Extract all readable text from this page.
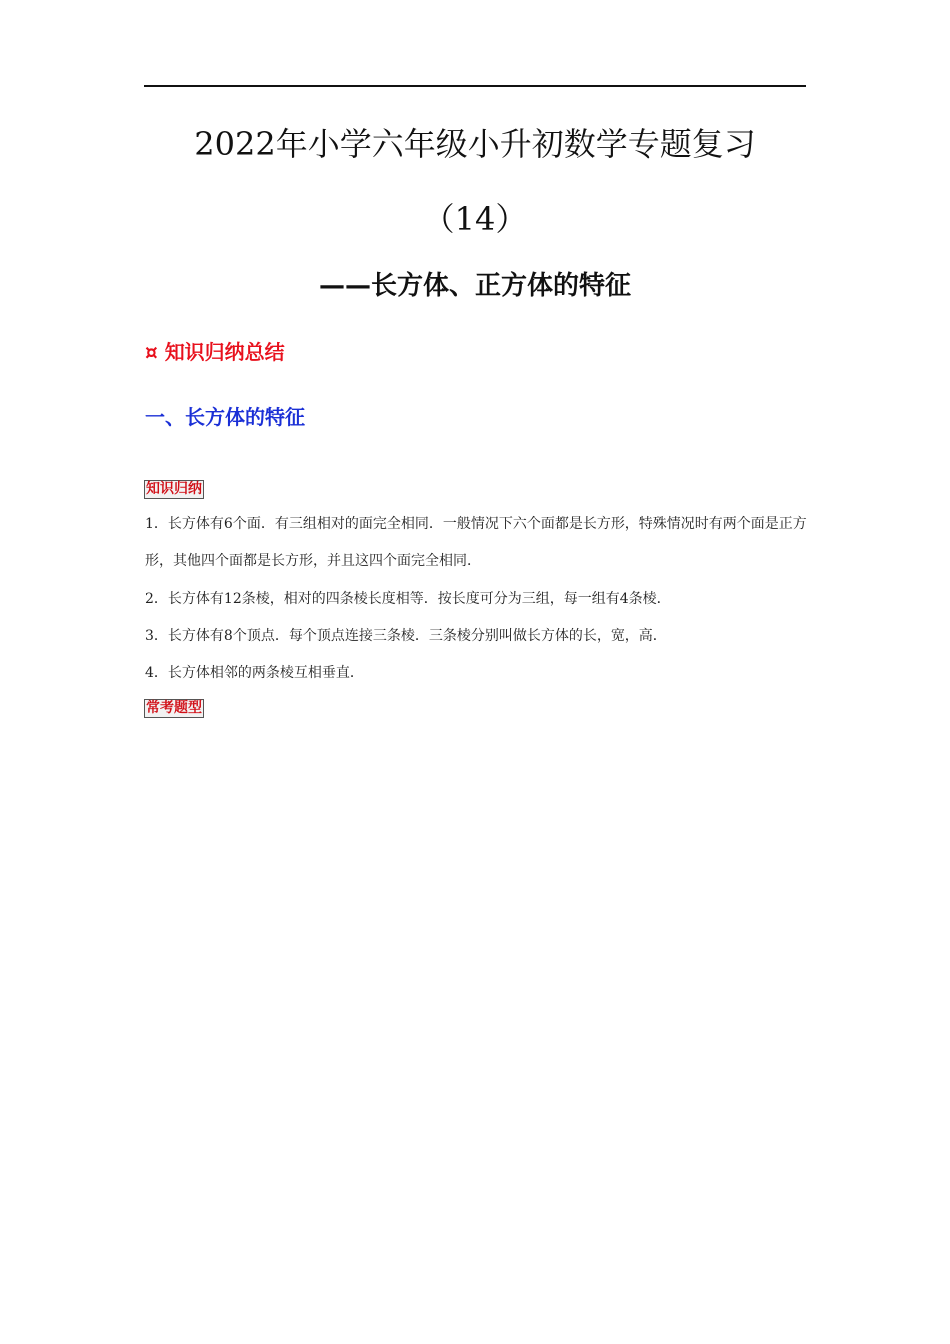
2022年小学六年级小升初数学专题复习
（14）
——长方体、正方体的特征
¤ 知识归纳总结
一、长方体的特征
知识归纳

1．长方体有6个面．有三组相对的面完全相同．一般情况下六个面都是长方形，特殊情况时有两个面是正方形，其他四个面都是长方形，并且这四个面完全相同．

2．长方体有12条棱，相对的四条棱长度相等．按长度可分为三组，每一组有4条棱．

3．长方体有8个顶点．每个顶点连接三条棱．三条棱分别叫做长方体的长，宽，高．

4．长方体相邻的两条棱互相垂直．

常考题型
